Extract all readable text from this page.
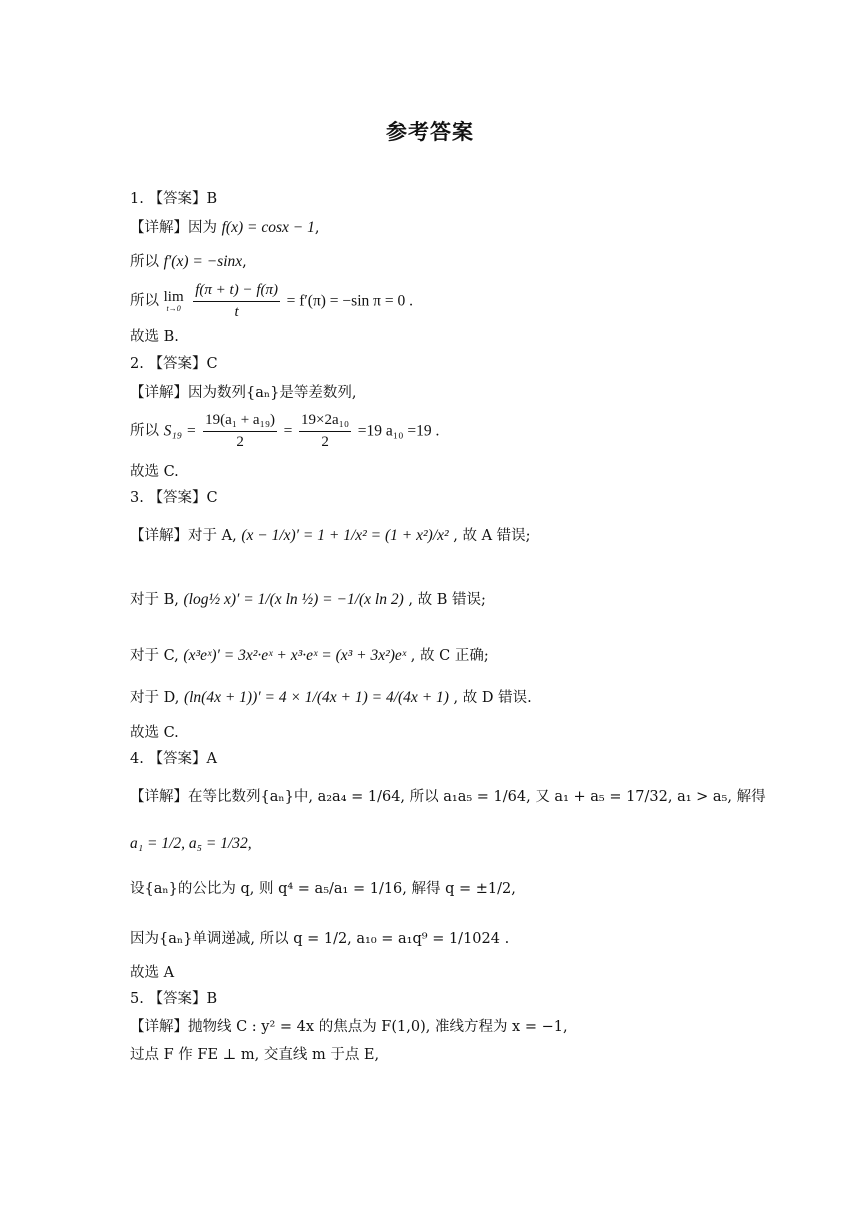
参考答案
1. 【答案】B
【详解】因为 f(x) = cosx − 1,
所以 f′(x) = −sinx,
所以 lim
t→0
$\frac{f(\pi + t) - f(\pi)}{t} = f'(\pi) = -\sin$ π = 0 .
故选 B.
2. 【答案】C
【详解】因为数列{aₙ}是等差数列,
所以 $S_{19} = \frac{\text{19(a₁ + a₁₉)}}{2} = \frac{\text{19×2a₁₀}}{2} =19$ a₁₀ =19 .
故选 C.
3. 【答案】C
【详解】对于 A, (x − 1/x)′ = 1 + 1/x² = (1 + x²)/x² , 故 A 错误;
对于 B, (log½ x)′ = 1/(x ln ½) = −1/(x ln 2) , 故 B 错误;
对于 C, (x³eˣ)′ = 3x²·eˣ + x³·eˣ = (x³ + 3x²)eˣ , 故 C 正确;
对于 D, (ln(4x + 1))′ = 4 × 1/(4x + 1) = 4/(4x + 1) , 故 D 错误.
故选 C.
4. 【答案】A
【详解】在等比数列{aₙ}中, a₂a₄ = 1/64, 所以 a₁a₅ = 1/64, 又 a₁ + a₅ = 17/32, a₁ > a₅, 解得
a₁ = 1/2, a₅ = 1/32,
设{aₙ}的公比为 q, 则 q⁴ = a₅/a₁ = 1/16, 解得 q = ±1/2,
因为{aₙ}单调递减, 所以 q = 1/2, a₁₀ = a₁q⁹ = 1/1024 .
故选 A
5. 【答案】B
【详解】抛物线 C : y² = 4x 的焦点为 F(1,0), 准线方程为 x = −1,
过点 F 作 FE ⊥ m, 交直线 m 于点 E,
